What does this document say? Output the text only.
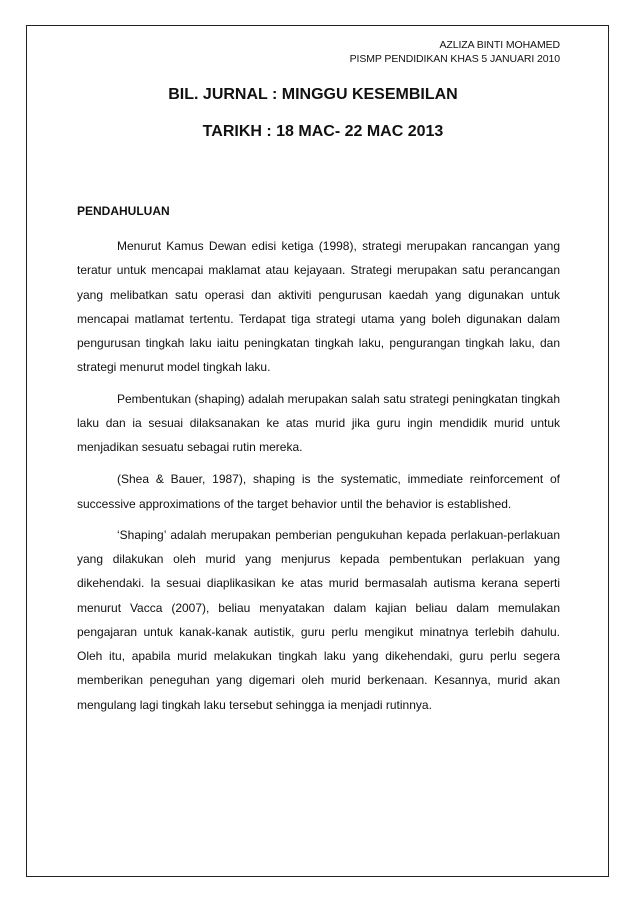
AZLIZA BINTI MOHAMED
PISMP PENDIDIKAN KHAS 5 JANUARI 2010
BIL. JURNAL : MINGGU KESEMBILAN
TARIKH : 18 MAC- 22 MAC 2013
PENDAHULUAN

Menurut Kamus Dewan edisi ketiga (1998), strategi merupakan rancangan yang teratur untuk mencapai maklamat atau kejayaan. Strategi merupakan satu perancangan yang melibatkan satu operasi dan aktiviti pengurusan kaedah yang digunakan untuk mencapai matlamat tertentu. Terdapat tiga strategi utama yang boleh digunakan dalam pengurusan tingkah laku iaitu peningkatan tingkah laku, pengurangan tingkah laku, dan strategi menurut model tingkah laku.

Pembentukan (shaping) adalah merupakan salah satu strategi peningkatan tingkah laku dan ia sesuai dilaksanakan ke atas murid jika guru ingin mendidik murid untuk menjadikan sesuatu sebagai rutin mereka.

(Shea & Bauer, 1987), shaping is the systematic, immediate reinforcement of successive approximations of the target behavior until the behavior is established.

‘Shaping’ adalah merupakan pemberian pengukuhan kepada perlakuan-perlakuan yang dilakukan oleh murid yang menjurus kepada pembentukan perlakuan yang dikehendaki. Ia sesuai diaplikasikan ke atas murid bermasalah autisma kerana seperti menurut Vacca (2007), beliau menyatakan dalam kajian beliau dalam memulakan pengajaran untuk kanak-kanak autistik, guru perlu mengikut minatnya terlebih dahulu. Oleh itu, apabila murid melakukan tingkah laku yang dikehendaki, guru perlu segera memberikan peneguhan yang digemari oleh murid berkenaan. Kesannya, murid akan mengulang lagi tingkah laku tersebut sehingga ia menjadi rutinnya.
